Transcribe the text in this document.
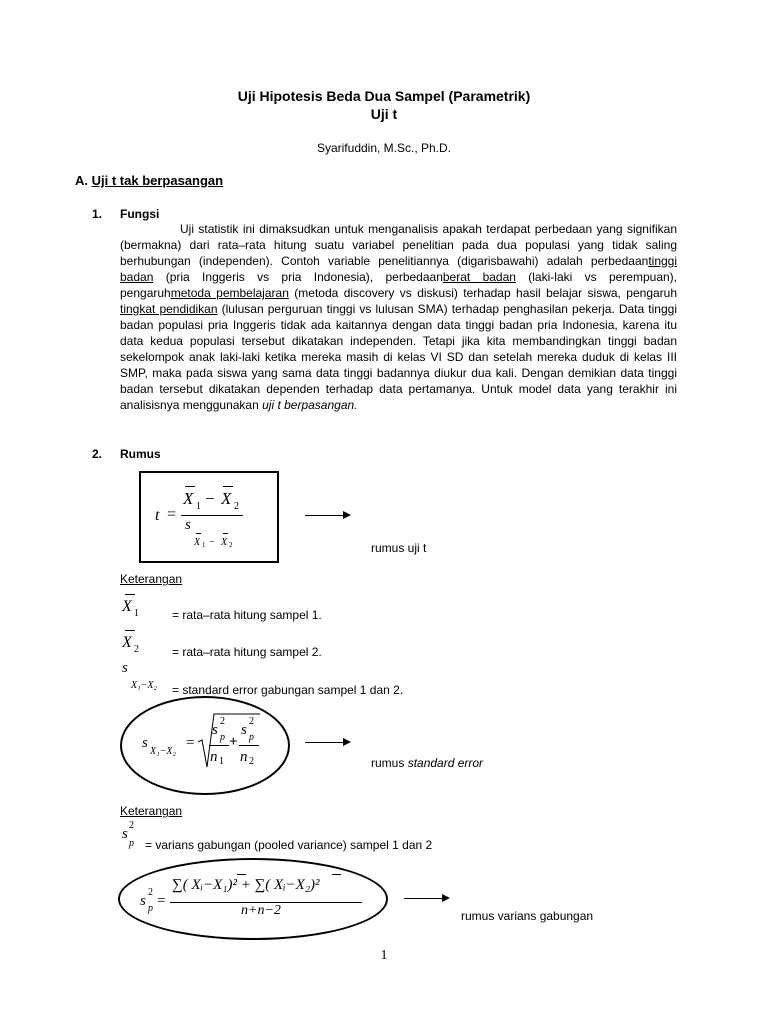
Uji Hipotesis Beda Dua Sampel (Parametrik)
Uji t
Syarifuddin, M.Sc., Ph.D.
A. Uji t tak berpasangan
1. Fungsi
Uji statistik ini dimaksudkan untuk menganalisis apakah terdapat perbedaan yang signifikan (bermakna) dari rata–rata hitung suatu variabel penelitian pada dua populasi yang tidak saling berhubungan (independen). Contoh variable penelitiannya (digarisbawahi) adalah perbedaantinggi badan (pria Inggeris vs pria Indonesia), perbedaanberat badan (laki-laki vs perempuan), pengaruhmetoda pembelajaran (metoda discovery vs diskusi) terhadap hasil belajar siswa, pengaruh tingkat pendidikan (lulusan perguruan tinggi vs lulusan SMA) terhadap penghasilan pekerja. Data tinggi badan populasi pria Inggeris tidak ada kaitannya dengan data tinggi badan pria Indonesia, karena itu data kedua populasi tersebut dikatakan independen. Tetapi jika kita membandingkan tinggi badan sekelompok anak laki-laki ketika mereka masih di kelas VI SD dan setelah mereka duduk di kelas III SMP, maka pada siswa yang sama data tinggi badannya diukur dua kali. Dengan demikian data tinggi badan tersebut dikatakan dependen terhadap data pertamanya. Untuk model data yang terakhir ini analisisnya menggunakan uji t berpasangan.
2. Rumus
t =
X 1 − X 2
s
X 1 − X 2	rumus uji t
Keterangan
X 1	= rata–rata hitung sampel 1.
X 2	= rata–rata hitung sampel 2.
s
X₁−X₂ = standard error gabungan sampel 1 dan 2.
s
X₁−X₂
=
s
2
p
n 1
+
s
2
p
n 2	rumus standard error
Keterangan
s
2
p = varians gabungan (pooled variance) sampel 1 dan 2
s
2
p =
∑( Xᵢ−X₁)² + ∑( Xᵢ−X₂)²
n+n−2	rumus varians gabungan
1
